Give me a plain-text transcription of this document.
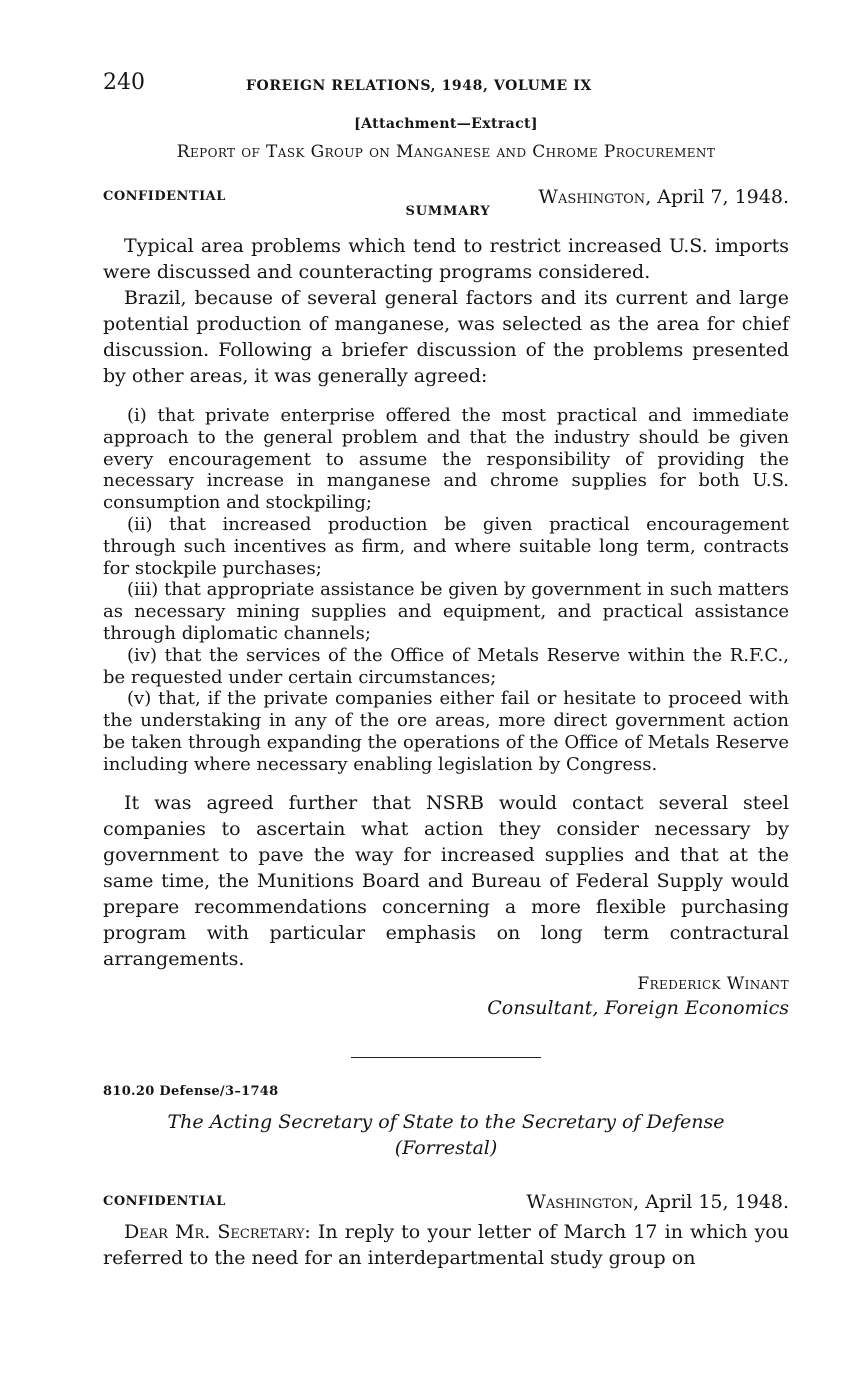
240	FOREIGN RELATIONS, 1948, VOLUME IX
[Attachment—Extract]
Report of Task Group on Manganese and Chrome Procurement
CONFIDENTIAL	Washington, April 7, 1948.
SUMMARY

Typical area problems which tend to restrict increased U.S. imports were discussed and counteracting programs considered.

Brazil, because of several general factors and its current and large potential production of manganese, was selected as the area for chief discussion. Following a briefer discussion of the problems presented by other areas, it was generally agreed:

(i) that private enterprise offered the most practical and immediate approach to the general problem and that the industry should be given every encouragement to assume the responsibility of providing the necessary increase in manganese and chrome supplies for both U.S. consumption and stockpiling;

(ii) that increased production be given practical encouragement through such incentives as firm, and where suitable long term, contracts for stockpile purchases;

(iii) that appropriate assistance be given by government in such matters as necessary mining supplies and equipment, and practical assistance through diplomatic channels;

(iv) that the services of the Office of Metals Reserve within the R.F.C., be requested under certain circumstances;

(v) that, if the private companies either fail or hesitate to proceed with the understaking in any of the ore areas, more direct government action be taken through expanding the operations of the Office of Metals Reserve including where necessary enabling legislation by Congress.

It was agreed further that NSRB would contact several steel companies to ascertain what action they consider necessary by government to pave the way for increased supplies and that at the same time, the Munitions Board and Bureau of Federal Supply would prepare recommendations concerning a more flexible purchasing program with particular emphasis on long term contractural arrangements.

Frederick Winant
Consultant, Foreign Economics
810.20 Defense/3–1748
The Acting Secretary of State to the Secretary of Defense
(Forrestal)
CONFIDENTIAL	Washington, April 15, 1948.

Dear Mr. Secretary: In reply to your letter of March 17 in which you referred to the need for an interdepartmental study group on
